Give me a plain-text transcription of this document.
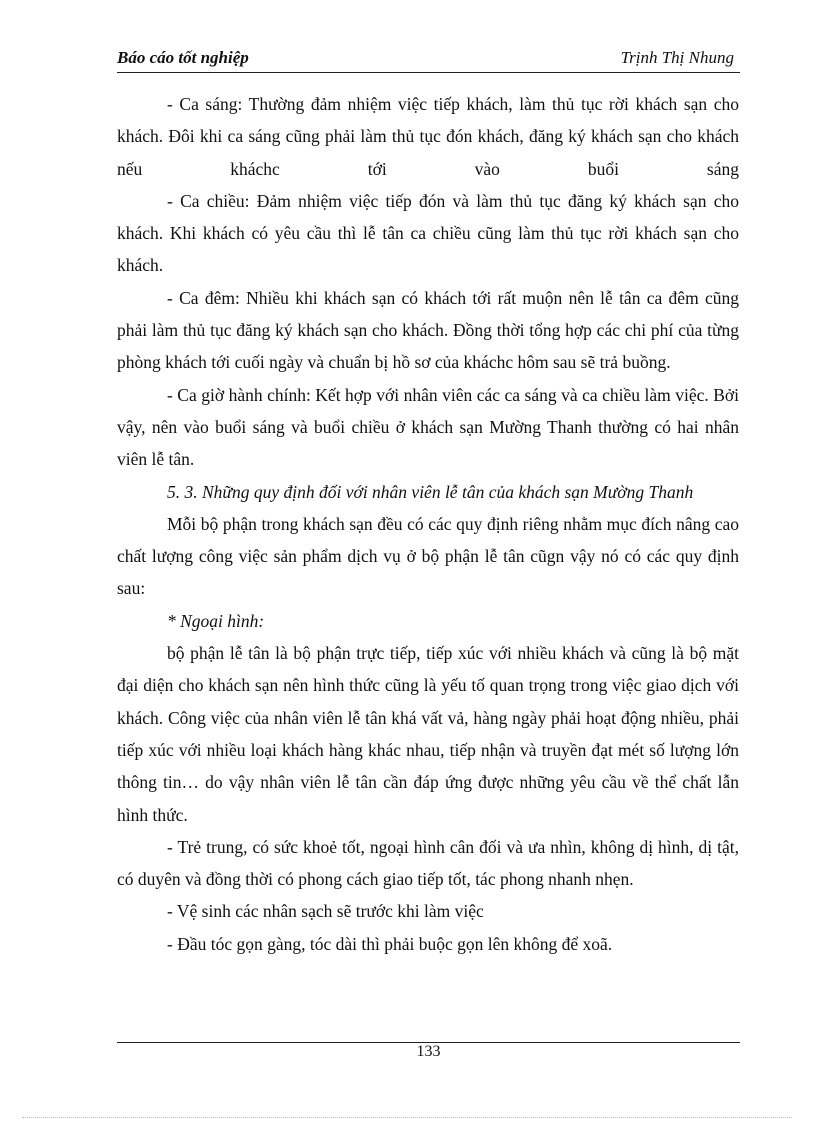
Báo cáo tốt nghiệp	Trịnh Thị Nhung

- Ca sáng: Thường đảm nhiệm việc tiếp khách, làm thủ tục rời khách sạn cho khách. Đôi khi ca sáng cũng phải làm thủ tục đón khách, đăng ký khách sạn cho khách nếu kháchc tới vào buổi sáng

- Ca chiều: Đảm nhiệm việc tiếp đón và làm thủ tục đăng ký khách sạn cho khách. Khi khách có yêu cầu thì lễ tân ca chiều cũng làm thủ tục rời khách sạn cho khách.

- Ca đêm: Nhiều khi khách sạn có khách tới rất muộn nên lễ tân ca đêm cũng phải làm thủ tục đăng ký khách sạn cho khách. Đồng thời tổng hợp các chi phí của từng phòng khách tới cuối ngày và chuẩn bị hồ sơ của kháchc hôm sau sẽ trả buồng.

- Ca giờ hành chính: Kết hợp với nhân viên các ca sáng và ca chiều làm việc. Bởi vậy, nên vào buổi sáng và buổi chiều ở khách sạn Mường Thanh thường có hai nhân viên lễ tân.

5. 3. Những quy định đối với nhân viên lễ tân của khách sạn Mường Thanh

Mỗi bộ phận trong khách sạn đều có các quy định riêng nhằm mục đích nâng cao chất lượng công việc sản phẩm dịch vụ ở bộ phận lễ tân cũgn vậy nó có các quy định sau:

* Ngoại hình:

bộ phận lễ tân là bộ phận trực tiếp, tiếp xúc với nhiều khách và cũng là bộ mặt đại diện cho khách sạn nên hình thức cũng là yếu tố quan trọng trong việc giao dịch với khách. Công việc của nhân viên lễ tân khá vất vả, hàng ngày phải hoạt động nhiều, phải tiếp xúc với nhiều loại khách hàng khác nhau, tiếp nhận và truyền đạt mét số lượng lớn thông tin… do vậy nhân viên lễ tân cần đáp ứng được những yêu cầu về thể chất lẫn hình thức.

- Trẻ trung, có sức khoẻ tốt, ngoại hình cân đối và ưa nhìn, không dị hình, dị tật, có duyên và đồng thời có phong cách giao tiếp tốt, tác phong nhanh nhẹn.

- Vệ sinh các nhân sạch sẽ trước khi làm việc

- Đầu tóc gọn gàng, tóc dài thì phải buộc gọn lên không để xoã.

133
